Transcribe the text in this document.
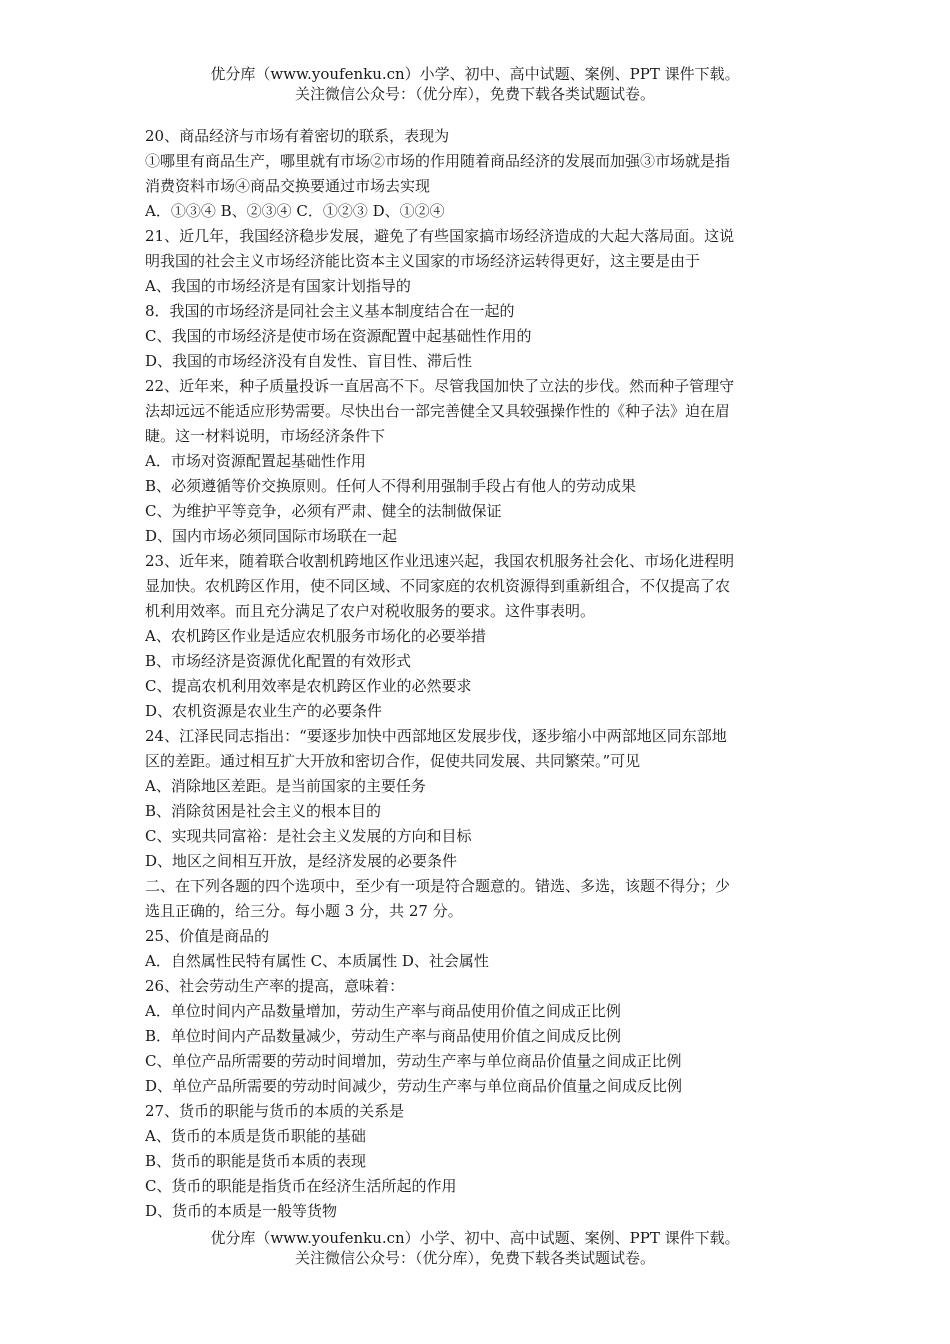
优分库（www.youfenku.cn）小学、初中、高中试题、案例、PPT 课件下载。
关注微信公众号：（优分库），免费下载各类试题试卷。
20、商品经济与市场有着密切的联系，表现为
①哪里有商品生产，哪里就有市场②市场的作用随着商品经济的发展而加强③市场就是指
消费资料市场④商品交换要通过市场去实现
A．①③④ B、②③④ C．①②③ D、①②④
21、近几年，我国经济稳步发展，避免了有些国家搞市场经济造成的大起大落局面。这说
明我国的社会主义市场经济能比资本主义国家的市场经济运转得更好，这主要是由于
A、我国的市场经济是有国家计划指导的
8．我国的市场经济是同社会主义基本制度结合在一起的
C、我国的市场经济是使市场在资源配置中起基础性作用的
D、我国的市场经济没有自发性、盲目性、滞后性
22、近年来，种子质量投诉一直居高不下。尽管我国加快了立法的步伐。然而种子管理守
法却远远不能适应形势需要。尽快出台一部完善健全又具较强操作性的《种子法》迫在眉
睫。这一材料说明，市场经济条件下
A．市场对资源配置起基础性作用
B、必须遵循等价交换原则。任何人不得利用强制手段占有他人的劳动成果
C、为维护平等竞争，必须有严肃、健全的法制做保证
D、国内市场必须同国际市场联在一起
23、近年来，随着联合收割机跨地区作业迅速兴起，我国农机服务社会化、市场化进程明
显加快。农机跨区作用，使不同区域、不同家庭的农机资源得到重新组合，不仅提高了农
机利用效率。而且充分满足了农户对税收服务的要求。这件事表明。
A、农机跨区作业是适应农机服务市场化的必要举措
B、市场经济是资源优化配置的有效形式
C、提高农机利用效率是农机跨区作业的必然要求
D、农机资源是农业生产的必要条件
24、江泽民同志指出：“要逐步加快中西部地区发展步伐，逐步缩小中两部地区同东部地
区的差距。通过相互扩大开放和密切合作，促使共同发展、共同繁荣。”可见
A、消除地区差距。是当前国家的主要任务
B、消除贫困是社会主义的根本目的
C、实现共同富裕：是社会主义发展的方向和目标
D、地区之间相互开放，是经济发展的必要条件
二、在下列各题的四个选项中，至少有一项是符合题意的。错选、多选，该题不得分；少
选且正确的，给三分。每小题 3 分，共 27 分。
25、价值是商品的
A．自然属性民特有属性 C、本质属性 D、社会属性
26、社会劳动生产率的提高，意味着：
A．单位时间内产品数量增加，劳动生产率与商品使用价值之间成正比例
B．单位时间内产品数量减少，劳动生产率与商品使用价值之间成反比例
C、单位产品所需要的劳动时间增加，劳动生产率与单位商品价值量之间成正比例
D、单位产品所需要的劳动时间减少，劳动生产率与单位商品价值量之间成反比例
27、货币的职能与货币的本质的关系是
A、货币的本质是货币职能的基础
B、货币的职能是货币本质的表现
C、货币的职能是指货币在经济生活所起的作用
D、货币的本质是一般等货物
优分库（www.youfenku.cn）小学、初中、高中试题、案例、PPT 课件下载。
关注微信公众号：（优分库），免费下载各类试题试卷。
